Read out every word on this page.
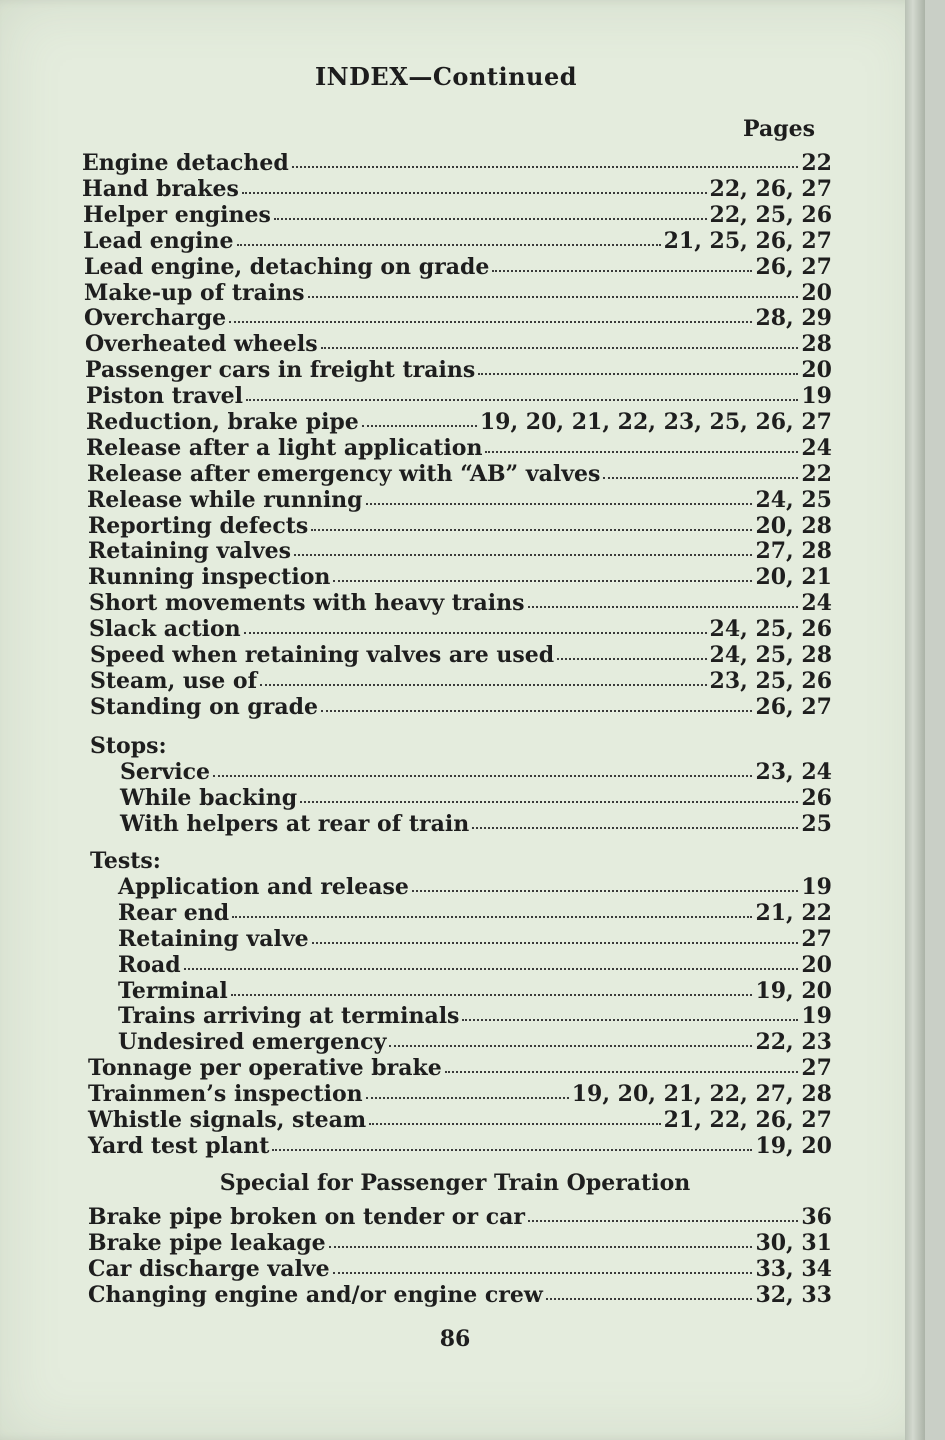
INDEX—Continued
Pages
Engine detached	22
Hand brakes	22, 26, 27
Helper engines	22, 25, 26
Lead engine	21, 25, 26, 27
Lead engine, detaching on grade	26, 27
Make-up of trains	20
Overcharge	28, 29
Overheated wheels	28
Passenger cars in freight trains	20
Piston travel	19
Reduction, brake pipe	19, 20, 21, 22, 23, 25, 26, 27
Release after a light application	24
Release after emergency with “AB” valves	22
Release while running	24, 25
Reporting defects	20, 28
Retaining valves	27, 28
Running inspection	20, 21
Short movements with heavy trains	24
Slack action	24, 25, 26
Speed when retaining valves are used	24, 25, 28
Steam, use of	23, 25, 26
Standing on grade	26, 27
Stops:
Service	23, 24
While backing	26
With helpers at rear of train	25
Tests:
Application and release	19
Rear end	21, 22
Retaining valve	27
Road	20
Terminal	19, 20
Trains arriving at terminals	19
Undesired emergency	22, 23
Tonnage per operative brake	27
Trainmen’s inspection	19, 20, 21, 22, 27, 28
Whistle signals, steam	21, 22, 26, 27
Yard test plant	19, 20
Brake pipe broken on tender or car	36
Brake pipe leakage	30, 31
Car discharge valve	33, 34
Changing engine and/or engine crew	32, 33
Special for Passenger Train Operation
86
